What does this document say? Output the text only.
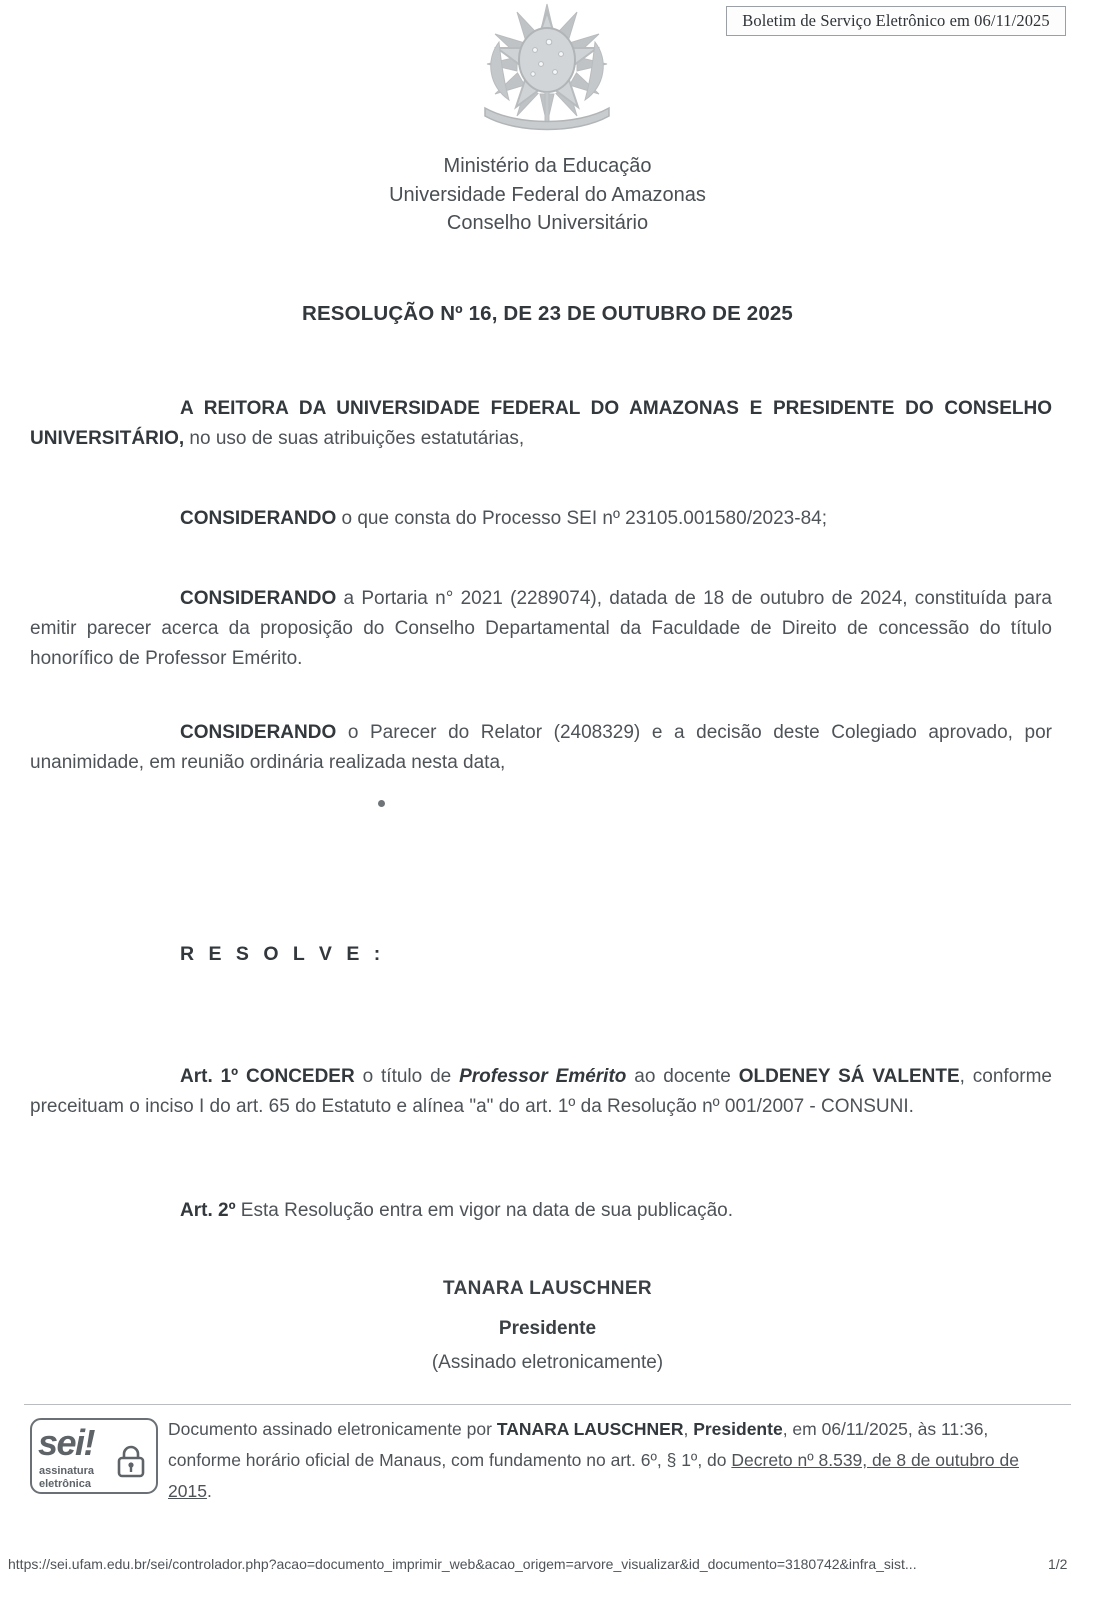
Boletim de Serviço Eletrônico em 06/11/2025
Ministério da Educação
Universidade Federal do Amazonas
Conselho Universitário
RESOLUÇÃO Nº 16, DE 23 DE OUTUBRO DE 2025

A REITORA DA UNIVERSIDADE FEDERAL DO AMAZONAS E PRESIDENTE DO CONSELHO UNIVERSITÁRIO, no uso de suas atribuições estatutárias,

CONSIDERANDO o que consta do Processo SEI nº 23105.001580/2023-84;

CONSIDERANDO a Portaria n° 2021 (2289074), datada de 18 de outubro de 2024, constituída para emitir parecer acerca da proposição do Conselho Departamental da Faculdade de Direito de concessão do título honorífico de Professor Emérito.

CONSIDERANDO o Parecer do Relator (2408329) e a decisão deste Colegiado aprovado, por unanimidade, em reunião ordinária realizada nesta data,

R E S O L V E :

Art. 1º CONCEDER o título de Professor Emérito ao docente OLDENEY SÁ VALENTE, conforme preceituam o inciso I do art. 65 do Estatuto e alínea "a" do art. 1º da Resolução nº 001/2007 - CONSUNI.

Art. 2º Esta Resolução entra em vigor na data de sua publicação.

TANARA LAUSCHNER
Presidente
(Assinado eletronicamente)
sei!
assinatura
eletrônica
Documento assinado eletronicamente por TANARA LAUSCHNER, Presidente, em 06/11/2025, às 11:36, conforme horário oficial de Manaus, com fundamento no art. 6º, § 1º, do Decreto nº 8.539, de 8 de outubro de 2015.
https://sei.ufam.edu.br/sei/controlador.php?acao=documento_imprimir_web&acao_origem=arvore_visualizar&id_documento=3180742&infra_sist...	1/2
